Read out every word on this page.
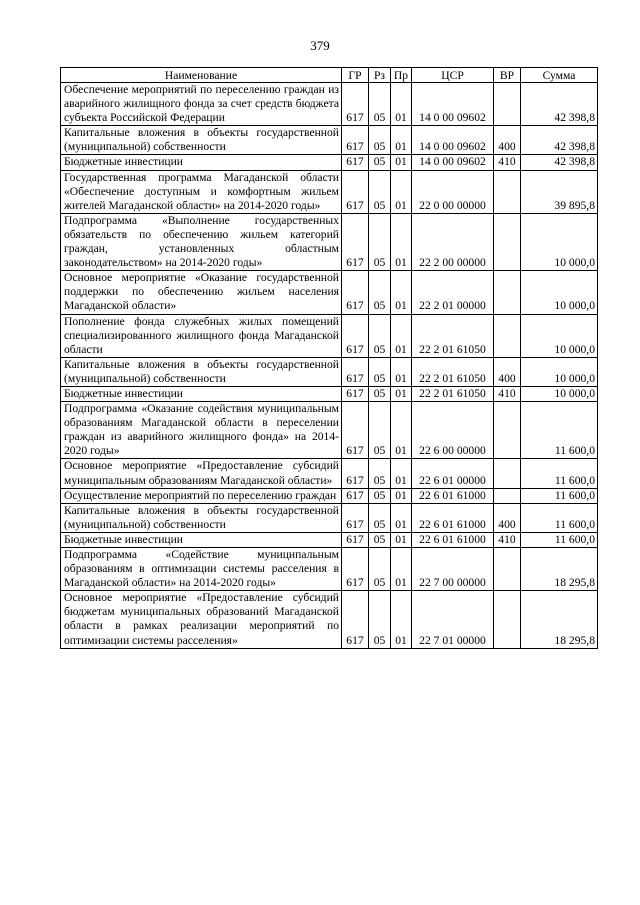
379
Наименование	ГР	Рз	Пр	ЦСР	ВР	Сумма
Обеспечение мероприятий по переселению граждан из аварийного жилищного фонда за счет средств бюджета субъекта Российской Федерации	617	05	01	14 0 00 09602		42 398,8
Капитальные вложения в объекты государственной (муниципальной) собственности	617	05	01	14 0 00 09602	400	42 398,8
Бюджетные инвестиции	617	05	01	14 0 00 09602	410	42 398,8
Государственная программа Магаданской области «Обеспечение доступным и комфортным жильем жителей Магаданской области» на 2014-2020 годы»	617	05	01	22 0 00 00000		39 895,8
Подпрограмма «Выполнение государственных обязательств по обеспечению жильем категорий граждан, установленных областным законодательством» на 2014-2020 годы»	617	05	01	22 2 00 00000		10 000,0
Основное мероприятие «Оказание государственной поддержки по обеспечению жильем населения Магаданской области»	617	05	01	22 2 01 00000		10 000,0
Пополнение фонда служебных жилых помещений специализированного жилищного фонда Магаданской области	617	05	01	22 2 01 61050		10 000,0
Капитальные вложения в объекты государственной (муниципальной) собственности	617	05	01	22 2 01 61050	400	10 000,0
Бюджетные инвестиции	617	05	01	22 2 01 61050	410	10 000,0
Подпрограмма «Оказание содействия муниципальным образованиям Магаданской области в переселении граждан из аварийного жилищного фонда» на 2014-2020 годы»	617	05	01	22 6 00 00000		11 600,0
Основное мероприятие «Предоставление субсидий муниципальным образованиям Магаданской области»	617	05	01	22 6 01 00000		11 600,0
Осуществление мероприятий по переселению граждан	617	05	01	22 6 01 61000		11 600,0
Капитальные вложения в объекты государственной (муниципальной) собственности	617	05	01	22 6 01 61000	400	11 600,0
Бюджетные инвестиции	617	05	01	22 6 01 61000	410	11 600,0
Подпрограмма «Содействие муниципальным образованиям в оптимизации системы расселения в Магаданской области» на 2014-2020 годы»	617	05	01	22 7 00 00000		18 295,8
Основное мероприятие «Предоставление субсидий бюджетам муниципальных образований Магаданской области в рамках реализации мероприятий по оптимизации системы расселения»	617	05	01	22 7 01 00000		18 295,8
